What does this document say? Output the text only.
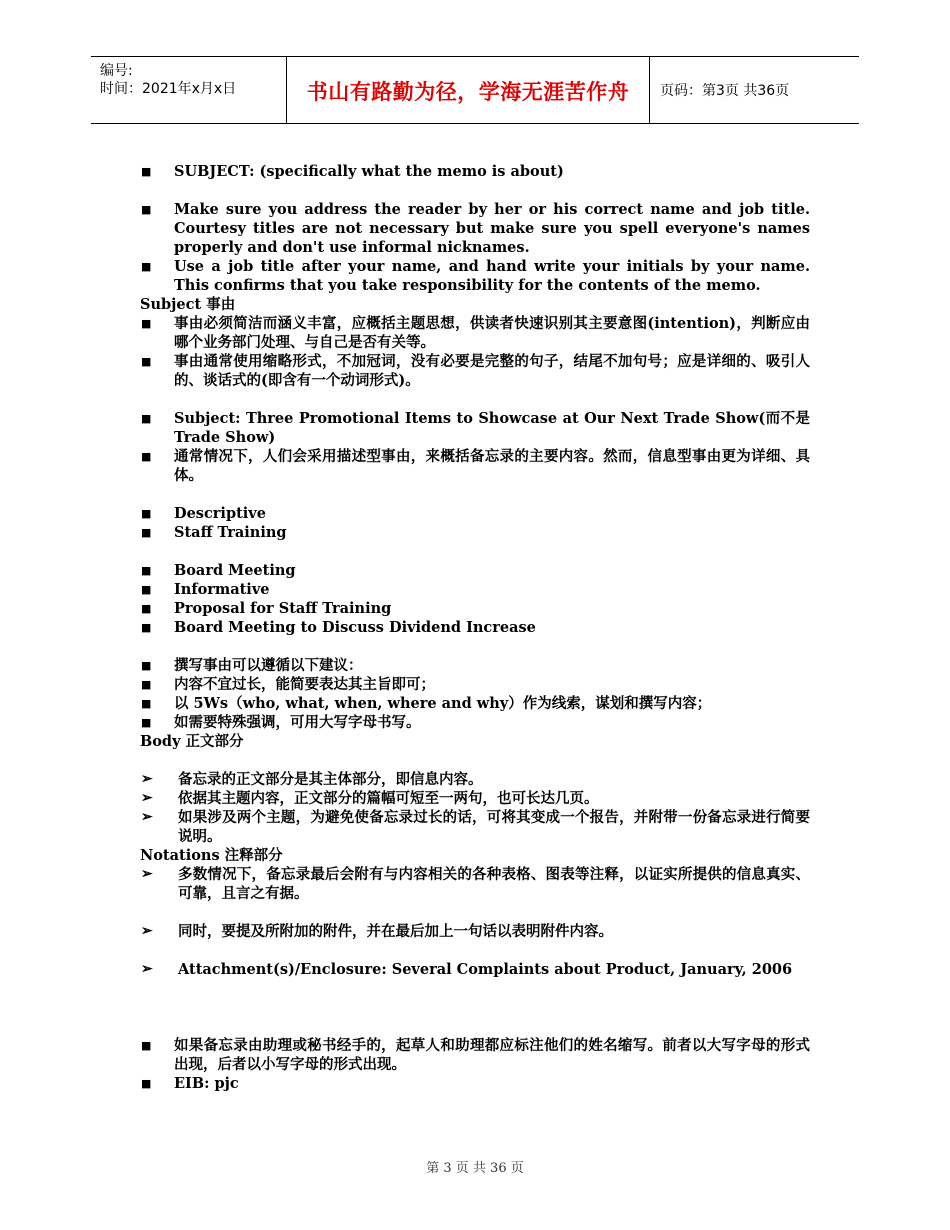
编号:
时间：2021年x月x日	书山有路勤为径，学海无涯苦作舟	页码：第3页 共36页
■	SUBJECT: (specifically what the memo is about)
■	Make sure you address the reader by her or his correct name and job title. Courtesy titles are not necessary but make sure you spell everyone's names properly and don't use informal nicknames.
■	Use a job title after your name, and hand write your initials by your name. This confirms that you take responsibility for the contents of the memo.
Subject 事由
■	事由必须简洁而涵义丰富，应概括主题思想，供读者快速识别其主要意图(intention)，判断应由哪个业务部门处理、与自己是否有关等。
■	事由通常使用缩略形式，不加冠词，没有必要是完整的句子，结尾不加句号；应是详细的、吸引人的、谈话式的(即含有一个动词形式)。
■	Subject: Three Promotional Items to Showcase at Our Next Trade Show(而不是 Trade Show)
■	通常情况下，人们会采用描述型事由，来概括备忘录的主要内容。然而，信息型事由更为详细、具体。
■	Descriptive
■	Staff Training
■	Board Meeting
■	Informative
■	Proposal for Staff Training
■	Board Meeting to Discuss Dividend Increase
■	撰写事由可以遵循以下建议：
■	内容不宜过长，能简要表达其主旨即可；
■	以 5Ws（who, what, when, where and why）作为线索，谋划和撰写内容；
■	如需要特殊强调，可用大写字母书写。
Body 正文部分
➢	备忘录的正文部分是其主体部分，即信息内容。
➢	依据其主题内容，正文部分的篇幅可短至一两句，也可长达几页。
➢	如果涉及两个主题，为避免使备忘录过长的话，可将其变成一个报告，并附带一份备忘录进行简要说明。
Notations 注释部分
➢	多数情况下，备忘录最后会附有与内容相关的各种表格、图表等注释，以证实所提供的信息真实、可靠，且言之有据。
➢	同时，要提及所附加的附件，并在最后加上一句话以表明附件内容。
➢	Attachment(s)/Enclosure: Several Complaints about Product, January, 2006
■	如果备忘录由助理或秘书经手的，起草人和助理都应标注他们的姓名缩写。前者以大写字母的形式出现，后者以小写字母的形式出现。
■	EIB: pjc
第 3 页 共 36 页
